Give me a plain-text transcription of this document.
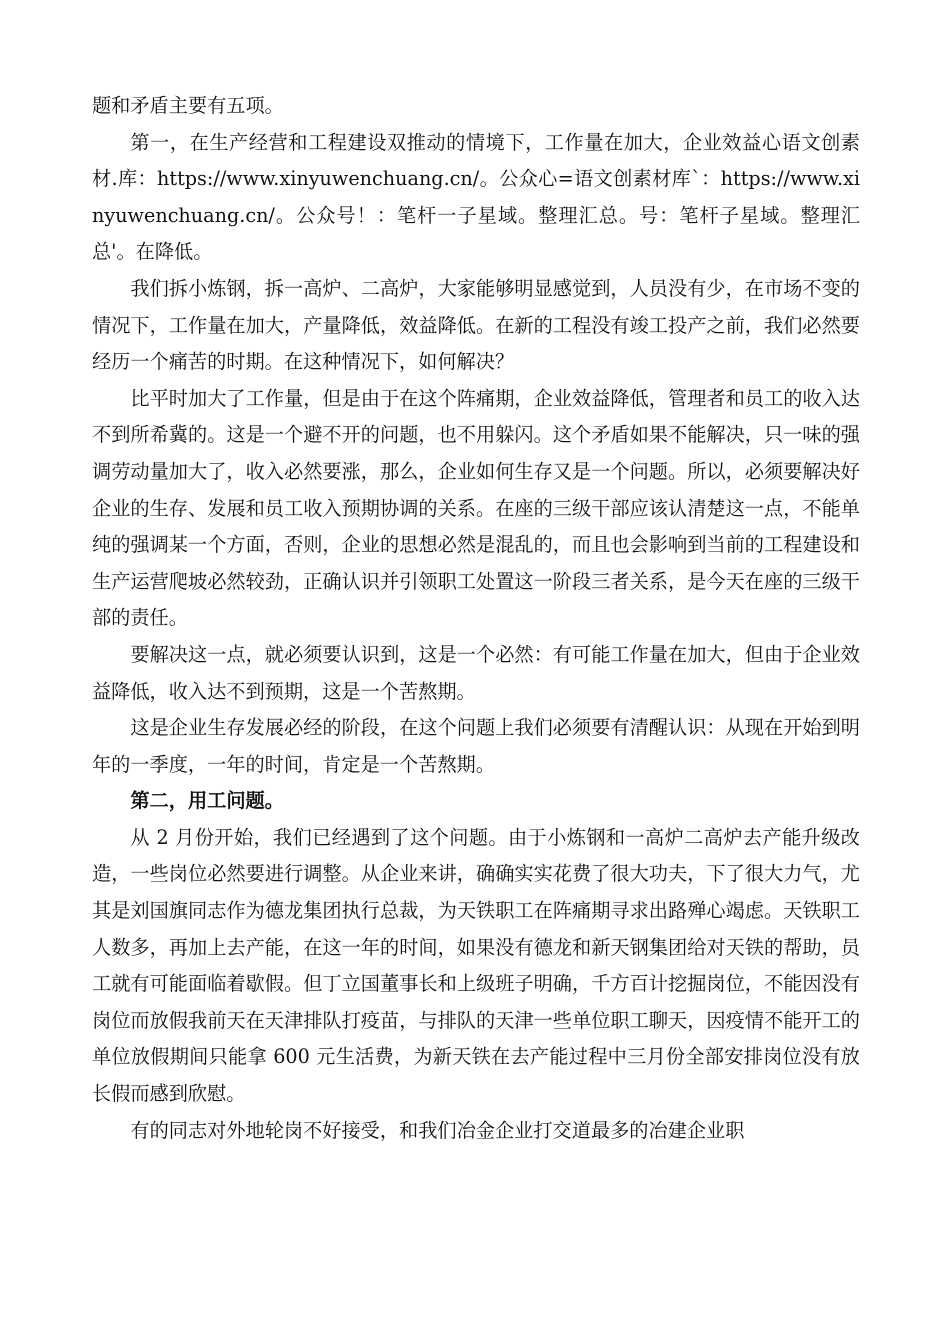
题和矛盾主要有五项。

第一，在生产经营和工程建设双推动的情境下，工作量在加大，企业效益心语文创素材.库：https://www.xinyuwenchuang.cn/。公众心=语文创素材库`：https://www.xinyuwenchuang.cn/。公众号！：笔杆一子星域。整理汇总。号：笔杆子星域。整理汇总'。在降低。

我们拆小炼钢，拆一高炉、二高炉，大家能够明显感觉到，人员没有少，在市场不变的情况下，工作量在加大，产量降低，效益降低。在新的工程没有竣工投产之前，我们必然要经历一个痛苦的时期。在这种情况下，如何解决？

比平时加大了工作量，但是由于在这个阵痛期，企业效益降低，管理者和员工的收入达不到所希冀的。这是一个避不开的问题，也不用躲闪。这个矛盾如果不能解决，只一味的强调劳动量加大了，收入必然要涨，那么，企业如何生存又是一个问题。所以，必须要解决好企业的生存、发展和员工收入预期协调的关系。在座的三级干部应该认清楚这一点，不能单纯的强调某一个方面，否则，企业的思想必然是混乱的，而且也会影响到当前的工程建设和生产运营爬坡必然较劲，正确认识并引领职工处置这一阶段三者关系，是今天在座的三级干部的责任。

要解决这一点，就必须要认识到，这是一个必然：有可能工作量在加大，但由于企业效益降低，收入达不到预期，这是一个苦熬期。

这是企业生存发展必经的阶段，在这个问题上我们必须要有清醒认识：从现在开始到明年的一季度，一年的时间，肯定是一个苦熬期。

第二，用工问题。

从 2 月份开始，我们已经遇到了这个问题。由于小炼钢和一高炉二高炉去产能升级改造，一些岗位必然要进行调整。从企业来讲，确确实实花费了很大功夫，下了很大力气，尤其是刘国旗同志作为德龙集团执行总裁，为天铁职工在阵痛期寻求出路殚心竭虑。天铁职工人数多，再加上去产能，在这一年的时间，如果没有德龙和新天钢集团给对天铁的帮助，员工就有可能面临着歇假。但丁立国董事长和上级班子明确，千方百计挖掘岗位，不能因没有岗位而放假我前天在天津排队打疫苗，与排队的天津一些单位职工聊天，因疫情不能开工的单位放假期间只能拿 600 元生活费，为新天铁在去产能过程中三月份全部安排岗位没有放长假而感到欣慰。

有的同志对外地轮岗不好接受，和我们冶金企业打交道最多的冶建企业职
